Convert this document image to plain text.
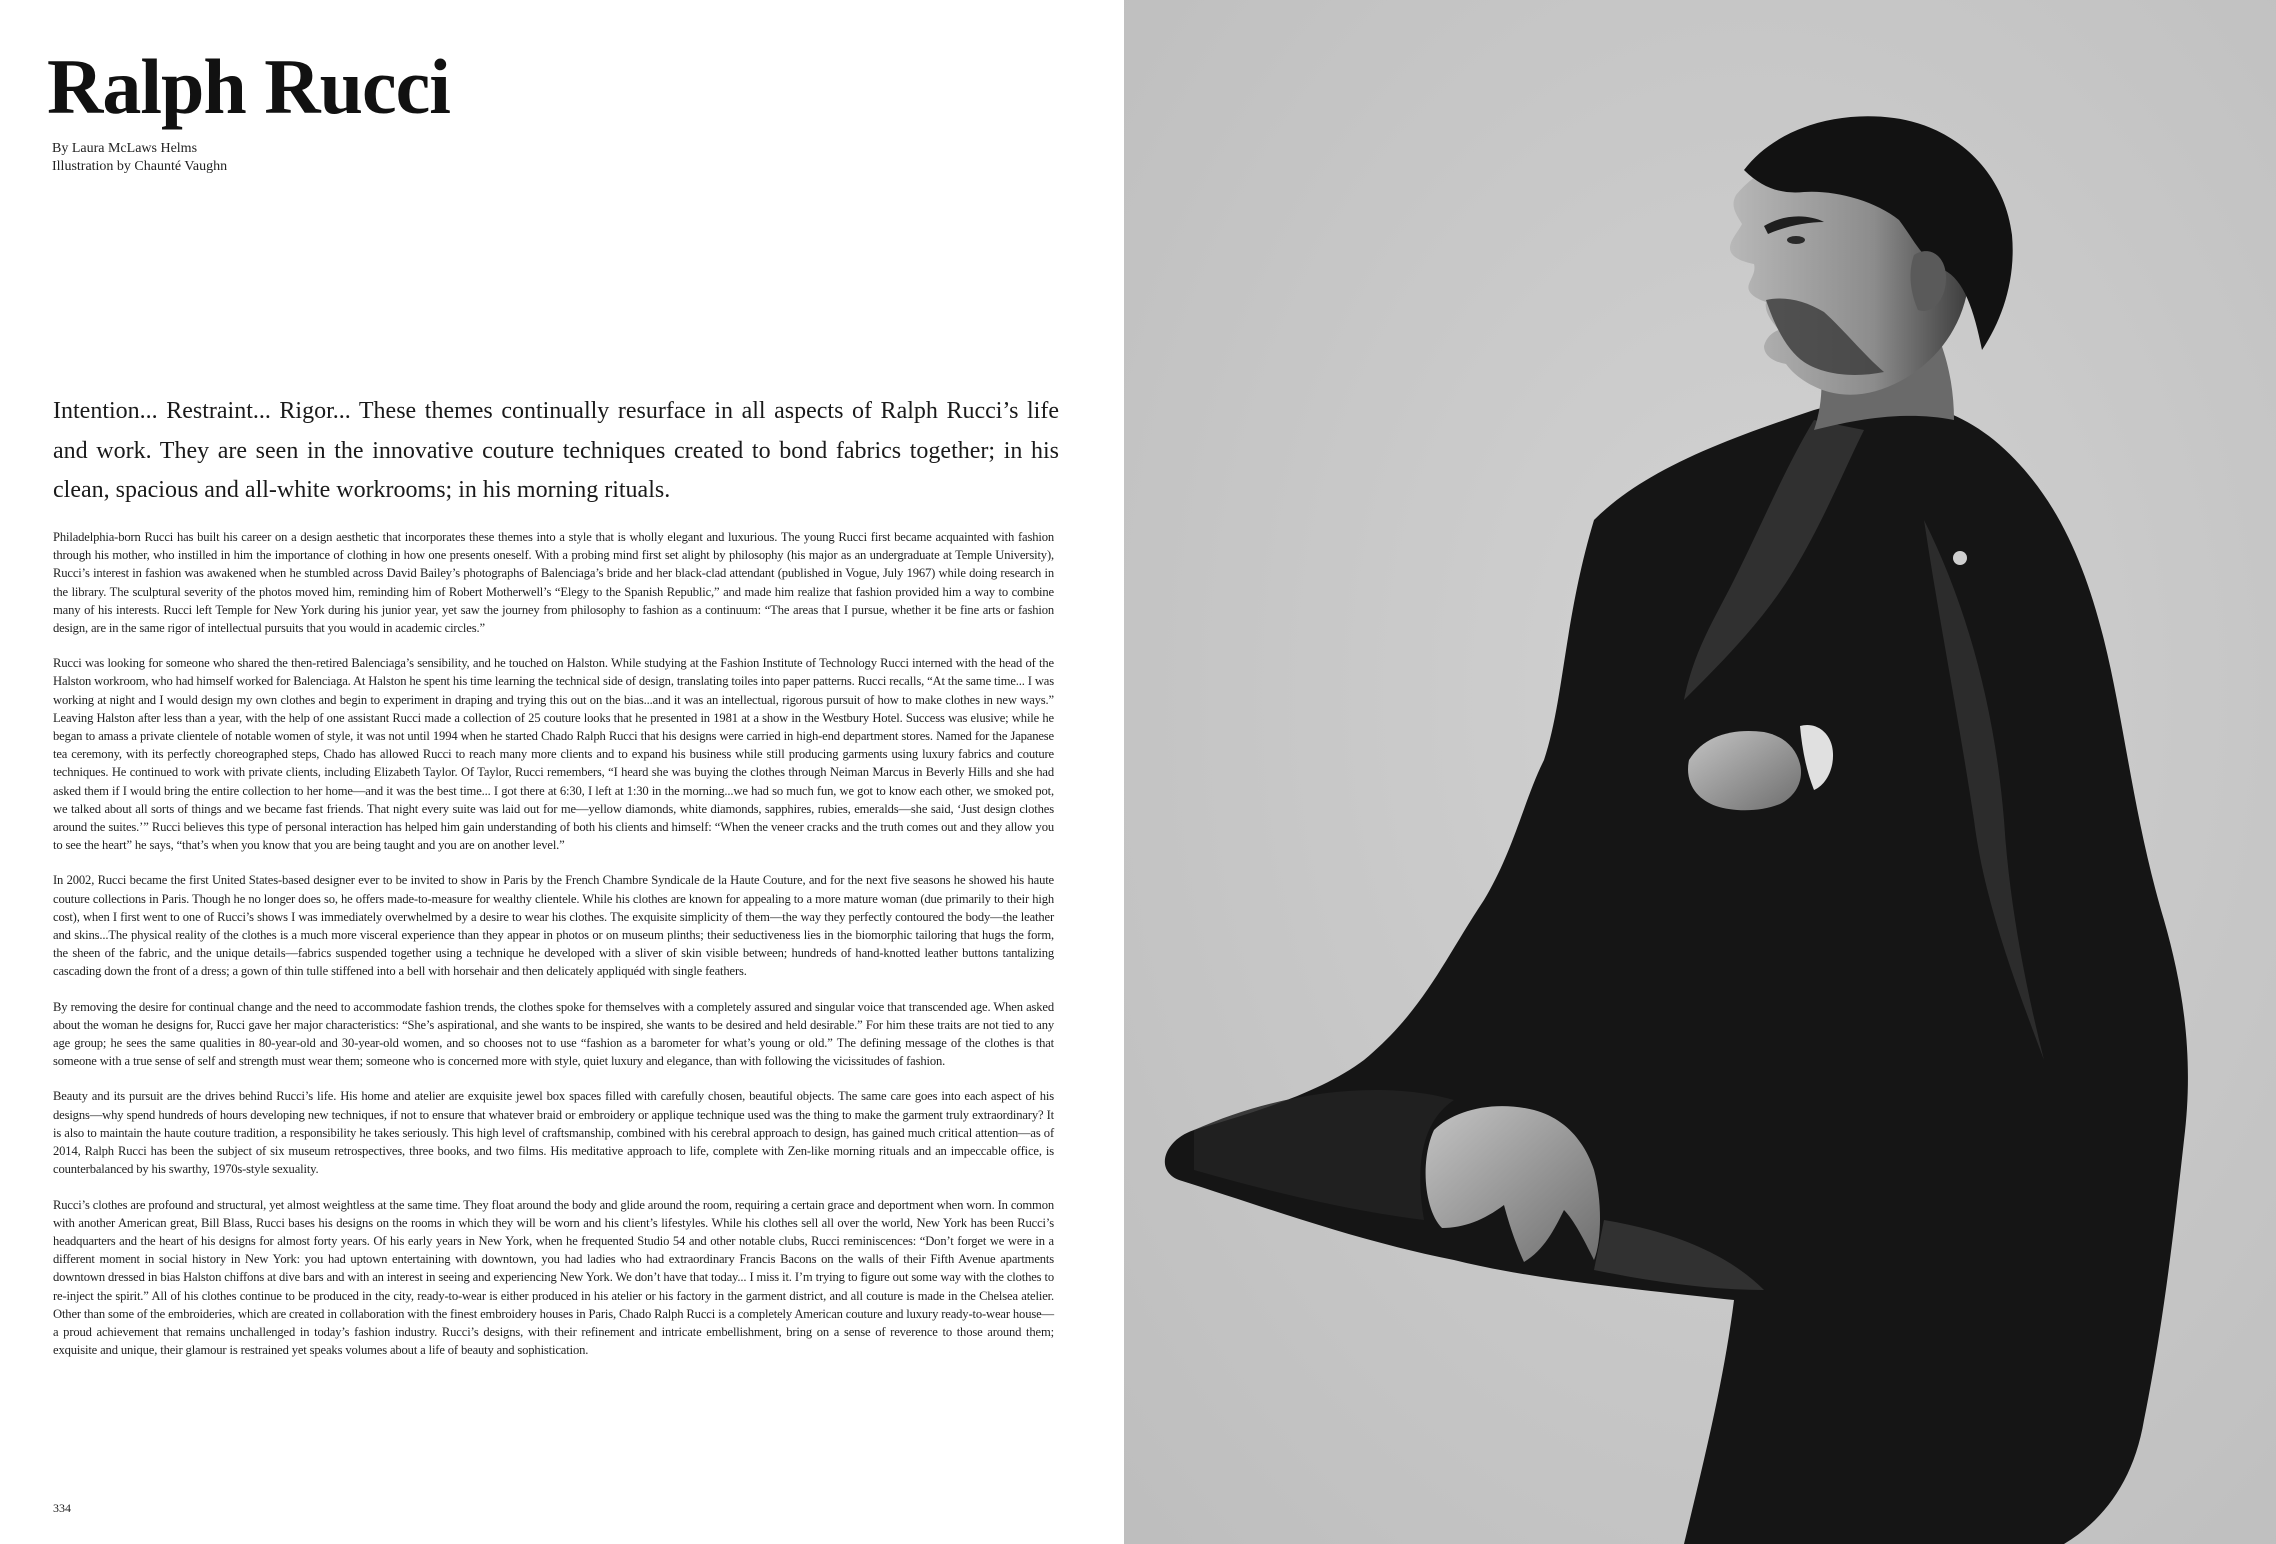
Ralph Rucci
By Laura McLaws Helms
Illustration by Chaunté Vaughn

Intention... Restraint... Rigor... These themes continually resurface in all aspects of Ralph Rucci’s life and work. They are seen in the innovative couture techniques created to bond fabrics together; in his clean, spacious and all-white workrooms; in his morning rituals.

Philadelphia-born Rucci has built his career on a design aesthetic that incorporates these themes into a style that is wholly elegant and luxurious. The young Rucci first became acquainted with fashion through his mother, who instilled in him the importance of clothing in how one presents oneself. With a probing mind first set alight by philosophy (his major as an undergraduate at Temple University), Rucci’s interest in fashion was awakened when he stumbled across David Bailey’s photographs of Balenciaga’s bride and her black-clad attendant (published in Vogue, July 1967) while doing research in the library. The sculptural severity of the photos moved him, reminding him of Robert Motherwell’s “Elegy to the Spanish Republic,” and made him realize that fashion provided him a way to combine many of his interests. Rucci left Temple for New York during his junior year, yet saw the journey from philosophy to fashion as a continuum: “The areas that I pursue, whether it be fine arts or fashion design, are in the same rigor of intellectual pursuits that you would in academic circles.”

Rucci was looking for someone who shared the then-retired Balenciaga’s sensibility, and he touched on Halston. While studying at the Fashion Institute of Technology Rucci interned with the head of the Halston workroom, who had himself worked for Balenciaga. At Halston he spent his time learning the technical side of design, translating toiles into paper patterns. Rucci recalls, “At the same time... I was working at night and I would design my own clothes and begin to experiment in draping and trying this out on the bias...and it was an intellectual, rigorous pursuit of how to make clothes in new ways.” Leaving Halston after less than a year, with the help of one assistant Rucci made a collection of 25 couture looks that he presented in 1981 at a show in the Westbury Hotel. Success was elusive; while he began to amass a private clientele of notable women of style, it was not until 1994 when he started Chado Ralph Rucci that his designs were carried in high-end department stores. Named for the Japanese tea ceremony, with its perfectly choreographed steps, Chado has allowed Rucci to reach many more clients and to expand his business while still producing garments using luxury fabrics and couture techniques. He continued to work with private clients, including Elizabeth Taylor. Of Taylor, Rucci remembers, “I heard she was buying the clothes through Neiman Marcus in Beverly Hills and she had asked them if I would bring the entire collection to her home—and it was the best time... I got there at 6:30, I left at 1:30 in the morning...we had so much fun, we got to know each other, we smoked pot, we talked about all sorts of things and we became fast friends. That night every suite was laid out for me—yellow diamonds, white diamonds, sapphires, rubies, emeralds—she said, ‘Just design clothes around the suites.’” Rucci believes this type of personal interaction has helped him gain understanding of both his clients and himself: “When the veneer cracks and the truth comes out and they allow you to see the heart” he says, “that’s when you know that you are being taught and you are on another level.”

In 2002, Rucci became the first United States-based designer ever to be invited to show in Paris by the French Chambre Syndicale de la Haute Couture, and for the next five seasons he showed his haute couture collections in Paris. Though he no longer does so, he offers made-to-measure for wealthy clientele. While his clothes are known for appealing to a more mature woman (due primarily to their high cost), when I first went to one of Rucci’s shows I was immediately overwhelmed by a desire to wear his clothes. The exquisite simplicity of them—the way they perfectly contoured the body—the leather and skins...The physical reality of the clothes is a much more visceral experience than they appear in photos or on museum plinths; their seductiveness lies in the biomorphic tailoring that hugs the form, the sheen of the fabric, and the unique details—fabrics suspended together using a technique he developed with a sliver of skin visible between; hundreds of hand-knotted leather buttons tantalizing cascading down the front of a dress; a gown of thin tulle stiffened into a bell with horsehair and then delicately appliquéd with single feathers.

By removing the desire for continual change and the need to accommodate fashion trends, the clothes spoke for themselves with a completely assured and singular voice that transcended age. When asked about the woman he designs for, Rucci gave her major characteristics: “She’s aspirational, and she wants to be inspired, she wants to be desired and held desirable.” For him these traits are not tied to any age group; he sees the same qualities in 80-year-old and 30-year-old women, and so chooses not to use “fashion as a barometer for what’s young or old.” The defining message of the clothes is that someone with a true sense of self and strength must wear them; someone who is concerned more with style, quiet luxury and elegance, than with following the vicissitudes of fashion.

Beauty and its pursuit are the drives behind Rucci’s life. His home and atelier are exquisite jewel box spaces filled with carefully chosen, beautiful objects. The same care goes into each aspect of his designs—why spend hundreds of hours developing new techniques, if not to ensure that whatever braid or embroidery or applique technique used was the thing to make the garment truly extraordinary? It is also to maintain the haute couture tradition, a responsibility he takes seriously. This high level of craftsmanship, combined with his cerebral approach to design, has gained much critical attention—as of 2014, Ralph Rucci has been the subject of six museum retrospectives, three books, and two films. His meditative approach to life, complete with Zen-like morning rituals and an impeccable office, is counterbalanced by his swarthy, 1970s-style sexuality.

Rucci’s clothes are profound and structural, yet almost weightless at the same time. They float around the body and glide around the room, requiring a certain grace and deportment when worn. In common with another American great, Bill Blass, Rucci bases his designs on the rooms in which they will be worn and his client’s lifestyles. While his clothes sell all over the world, New York has been Rucci’s headquarters and the heart of his designs for almost forty years. Of his early years in New York, when he frequented Studio 54 and other notable clubs, Rucci reminiscences: “Don’t forget we were in a different moment in social history in New York: you had uptown entertaining with downtown, you had ladies who had extraordinary Francis Bacons on the walls of their Fifth Avenue apartments downtown dressed in bias Halston chiffons at dive bars and with an interest in seeing and experiencing New York. We don’t have that today... I miss it. I’m trying to figure out some way with the clothes to re-inject the spirit.” All of his clothes continue to be produced in the city, ready-to-wear is either produced in his atelier or his factory in the garment district, and all couture is made in the Chelsea atelier. Other than some of the embroideries, which are created in collaboration with the finest embroidery houses in Paris, Chado Ralph Rucci is a completely American couture and luxury ready-to-wear house—a proud achievement that remains unchallenged in today’s fashion industry. Rucci’s designs, with their refinement and intricate embellishment, bring on a sense of reverence to those around them; exquisite and unique, their glamour is restrained yet speaks volumes about a life of beauty and sophistication.

334
